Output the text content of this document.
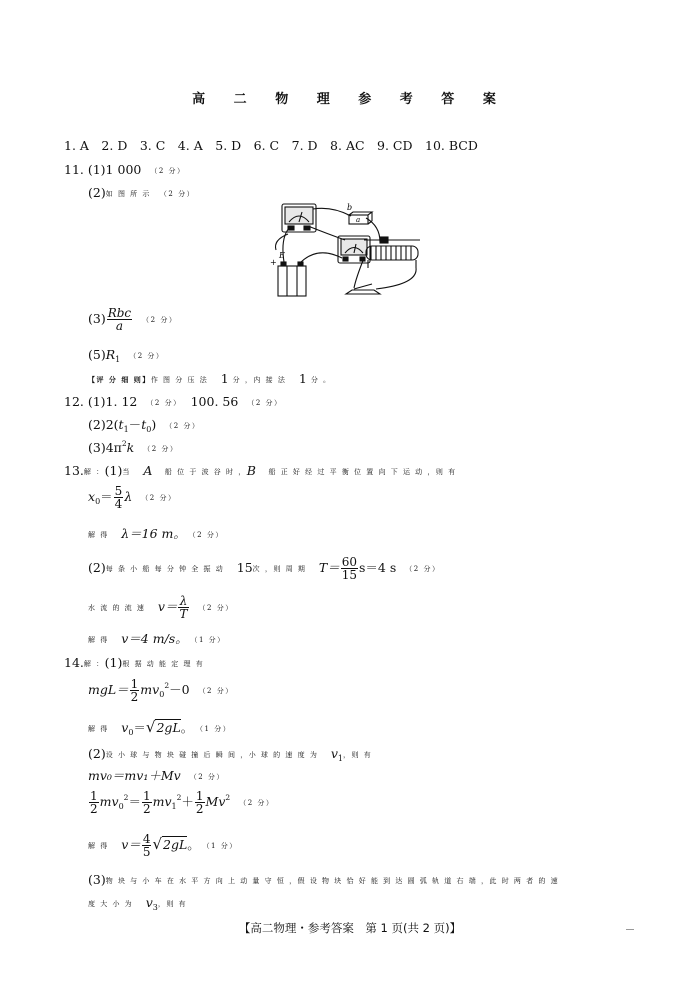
高 二 物 理 参 考 答 案
1. A　2. D　3. C　4. A　5. D　6. C　7. D　8. AC　9. CD　10. BCD
11. (1)1 000　 （2 分）
(2)如 图 所 示　 （2 分）
b
a
E
+
$(3) \frac{\text{Rbc}}{a}$
　 （2 分）
$(5)R_1$　 （2 分）
【评 分 细 则】作 图 分 压 法　 1 分 ，内 接 法　 1 分 。
12. (1)1. 12　 （2 分）　 100. 56　 （2 分）
$(2)2(t_1-t_0)$　 （2 分）
$(3)4\pi^2k$　 （2 分）
13.解 ：(1)当　 A　 船 位 于 波 谷 时 ，B　 船 正 好 经 过 平 衡 位 置 向 下 运 动 ，则 有
$x_0= \frac{5}{4}$ λ　 （2 分）
解 得　 λ＝16 m。　 （2 分）
(2)每 条 小 船 每 分 钟 全 振 动　 15次 ，则 周 期　 $T= \frac{60}{15} s=4$ s　 （2 分）
水 流 的 流 速　 $v= \frac{\lambda}{T}$
　 （2 分）
解 得　 v＝4 m/s。　 （1 分）
14.解 ：(1)根 据 动 能 定 理 有
$mgL= \frac{1}{2} mv_0^2-0$　 （2 分）
解 得　 $v_0=√2gL$。　 （1 分）
(2)设 小 球 与 物 块 碰 撞 后 瞬 间 ，小 球 的 速 度 为　 $v_1$，则 有
mv₀＝mv₁＋Mv　 （2 分）
$\frac{1}{2} mv_0^2= \frac{1}{2} mv_1^2+ \frac{1}{2} Mv^2$　（2 分）
解 得　 $v= \frac{4}{5} √2gL$。　 （1 分）
(3)物 块 与 小 车 在 水 平 方 向 上 动 量 守 恒 ，假 设 物 块 恰 好 能 到 达 圆 弧 轨 道 右 端 ，此 时 两 者 的 速
度 大 小 为　 $v_3$，则 有
【高二物理・参考答案　第 1 页(共 2 页)】
